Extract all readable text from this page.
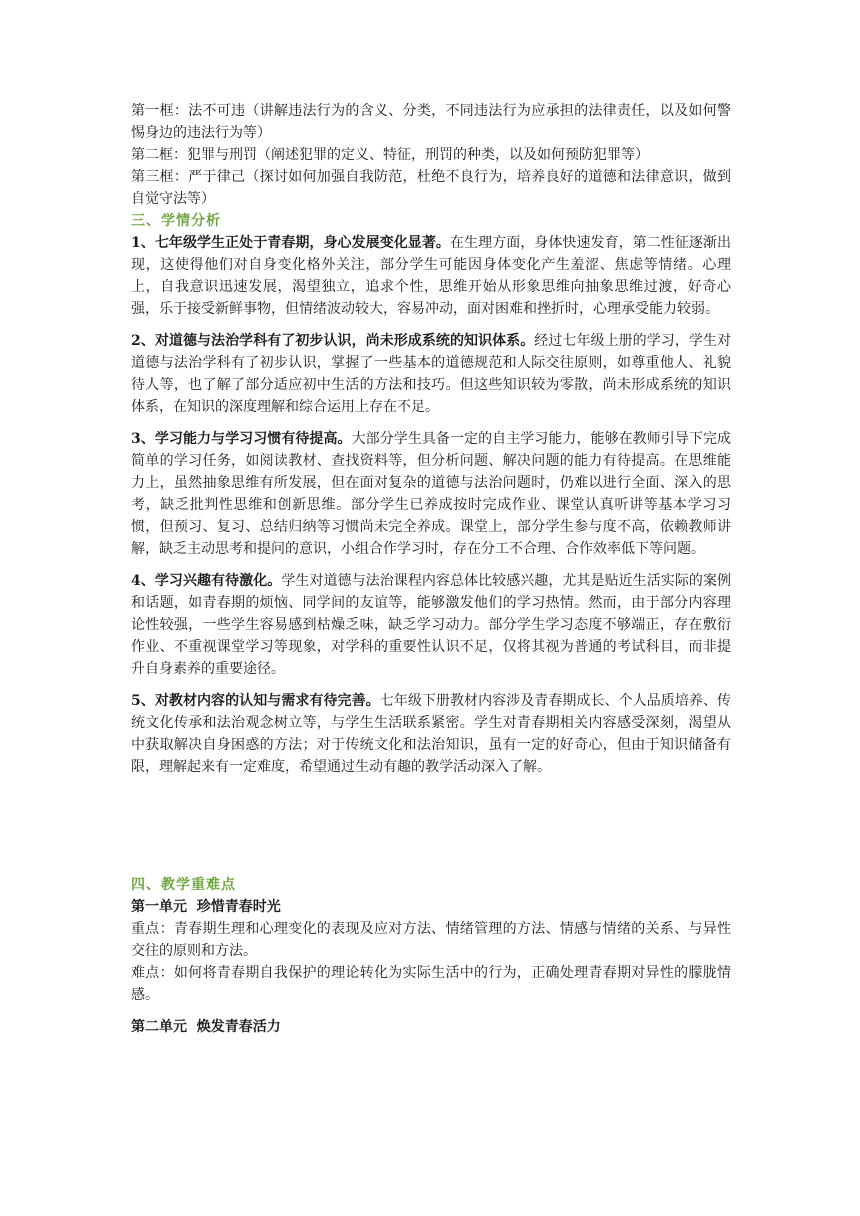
第一框：法不可违（讲解违法行为的含义、分类，不同违法行为应承担的法律责任，以及如何警惕身边的违法行为等）

第二框：犯罪与刑罚（阐述犯罪的定义、特征，刑罚的种类，以及如何预防犯罪等）

第三框：严于律己（探讨如何加强自我防范，杜绝不良行为，培养良好的道德和法律意识，做到自觉守法等）

三、学情分析

1、七年级学生正处于青春期，身心发展变化显著。在生理方面，身体快速发育，第二性征逐渐出现，这使得他们对自身变化格外关注，部分学生可能因身体变化产生羞涩、焦虑等情绪。心理上，自我意识迅速发展，渴望独立，追求个性，思维开始从形象思维向抽象思维过渡，好奇心强，乐于接受新鲜事物，但情绪波动较大，容易冲动，面对困难和挫折时，心理承受能力较弱。

2、对道德与法治学科有了初步认识，尚未形成系统的知识体系。经过七年级上册的学习，学生对道德与法治学科有了初步认识，掌握了一些基本的道德规范和人际交往原则，如尊重他人、礼貌待人等，也了解了部分适应初中生活的方法和技巧。但这些知识较为零散，尚未形成系统的知识体系，在知识的深度理解和综合运用上存在不足。

3、学习能力与学习习惯有待提高。大部分学生具备一定的自主学习能力，能够在教师引导下完成简单的学习任务，如阅读教材、查找资料等，但分析问题、解决问题的能力有待提高。在思维能力上，虽然抽象思维有所发展，但在面对复杂的道德与法治问题时，仍难以进行全面、深入的思考，缺乏批判性思维和创新思维。部分学生已养成按时完成作业、课堂认真听讲等基本学习习惯，但预习、复习、总结归纳等习惯尚未完全养成。课堂上，部分学生参与度不高，依赖教师讲解，缺乏主动思考和提问的意识，小组合作学习时，存在分工不合理、合作效率低下等问题。

4、学习兴趣有待激化。学生对道德与法治课程内容总体比较感兴趣，尤其是贴近生活实际的案例和话题，如青春期的烦恼、同学间的友谊等，能够激发他们的学习热情。然而，由于部分内容理论性较强，一些学生容易感到枯燥乏味，缺乏学习动力。部分学生学习态度不够端正，存在敷衍作业、不重视课堂学习等现象，对学科的重要性认识不足，仅将其视为普通的考试科目，而非提升自身素养的重要途径。

5、对教材内容的认知与需求有待完善。七年级下册教材内容涉及青春期成长、个人品质培养、传统文化传承和法治观念树立等，与学生生活联系紧密。学生对青春期相关内容感受深刻，渴望从中获取解决自身困惑的方法；对于传统文化和法治知识，虽有一定的好奇心，但由于知识储备有限，理解起来有一定难度，希望通过生动有趣的教学活动深入了解。

四、教学重难点

第一单元  珍惜青春时光

重点：青春期生理和心理变化的表现及应对方法、情绪管理的方法、情感与情绪的关系、与异性交往的原则和方法。

难点：如何将青春期自我保护的理论转化为实际生活中的行为，正确处理青春期对异性的朦胧情感。

第二单元  焕发青春活力
